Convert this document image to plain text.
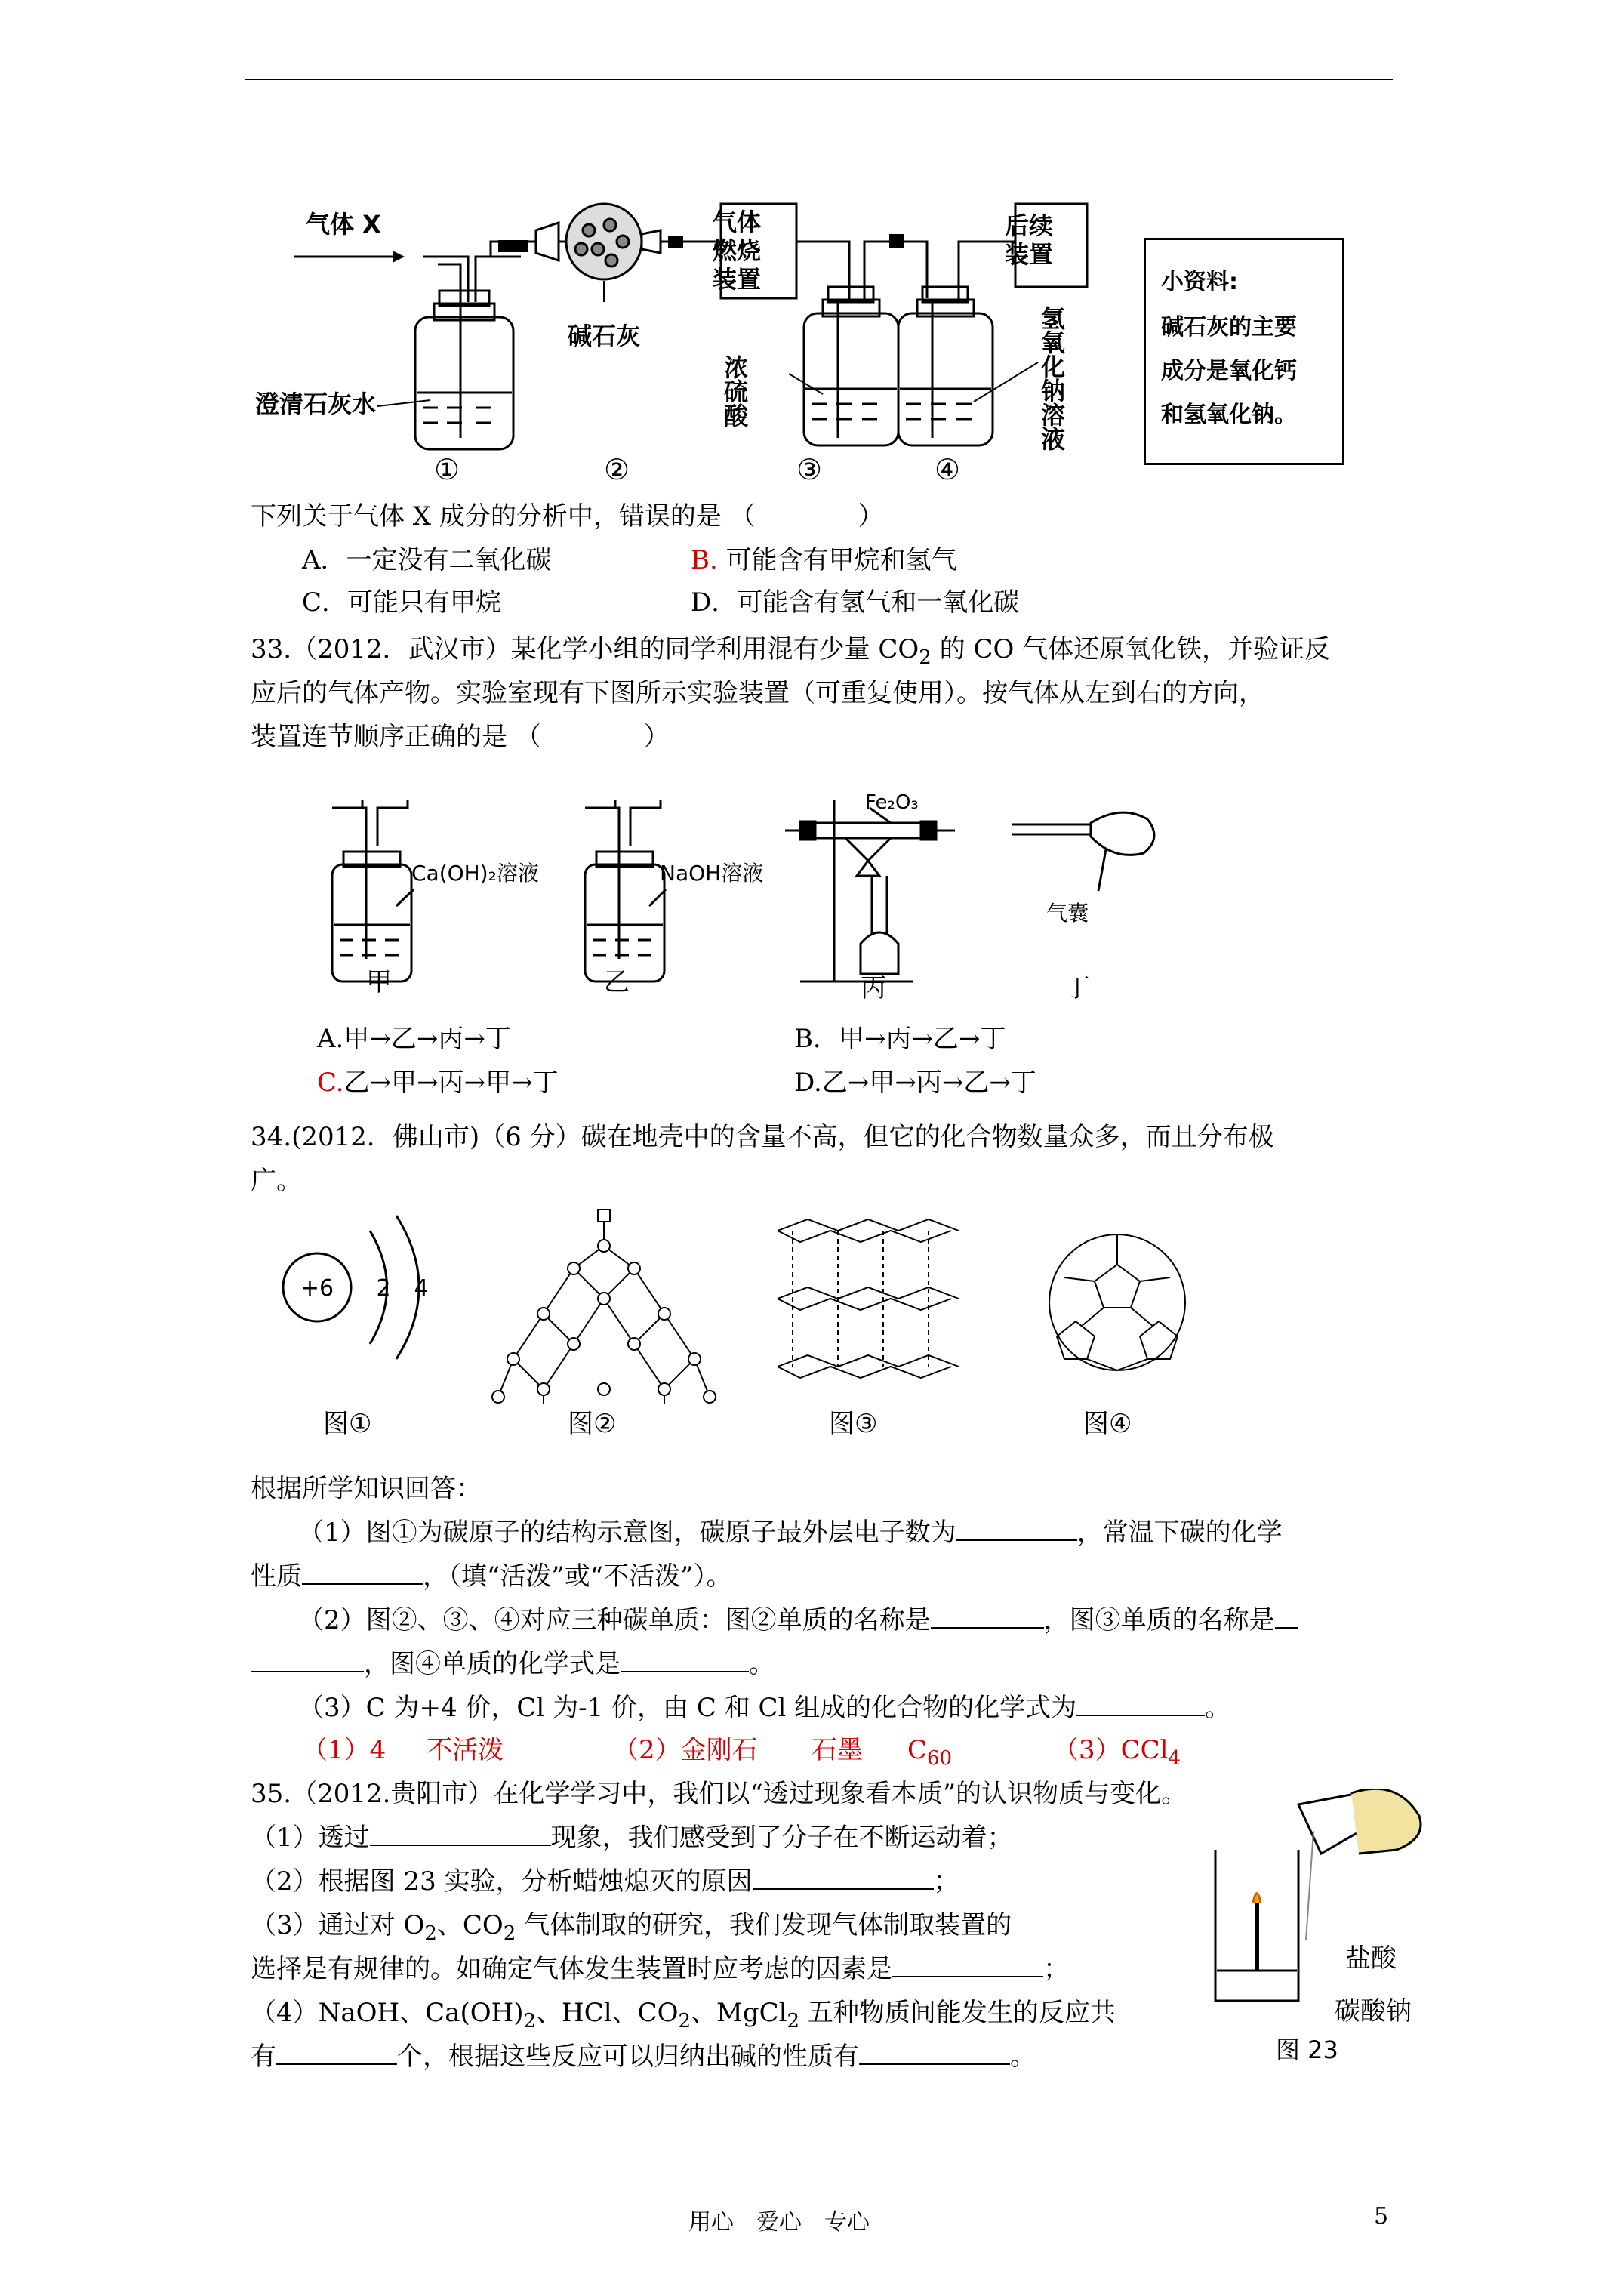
气体 X
碱石灰
澄清石灰水
气体燃烧装置
后续装置
浓硫酸	氢氧化钠溶液
①	②	③	④
小资料:
碱石灰的主要
成分是氧化钙
和氢氧化钠。
下列关于气体 X 成分的分析中，错误的是 （　　　　）
A．一定没有二氧化碳	B. 可能含有甲烷和氢气
C．可能只有甲烷	D．可能含有氢气和一氧化碳
33.（2012．武汉市）某化学小组的同学利用混有少量 $CO_2$ 的 CO 气体还原氧化铁，并验证反
应后的气体产物。实验室现有下图所示实验装置（可重复使用）。按气体从左到右的方向，
装置连节顺序正确的是 （　　　　）
Ca(OH)₂溶液	NaOH溶液
Fe₂O₃
气囊
甲	乙	丙	丁
A.甲→乙→丙→丁	B．甲→丙→乙→丁
C.乙→甲→丙→甲→丁	D.乙→甲→丙→乙→丁
34.(2012．佛山市)（6 分）碳在地壳中的含量不高，但它的化合物数量众多，而且分布极
广。
+6 2 4
图①	图②	图③	图④
根据所学知识回答：
（1）图①为碳原子的结构示意图，碳原子最外层电子数为	，常温下碳的化学
性质	，（填“活泼”或“不活泼”）。
（2）图②、③、④对应三种碳单质：图②单质的名称是	，图③单质的名称是
，图④单质的化学式是	。
（3）C 为+4 价，Cl 为-1 价，由 C 和 Cl 组成的化合物的化学式为	。
（1）4 不活泼	（2）金刚石 石墨 $C_{60}$	（3）CCl$_4$
35.（2012.贵阳市）在化学学习中，我们以“透过现象看本质”的认识物质与变化。
（1）透过	现象，我们感受到了分子在不断运动着；
（2）根据图 23 实验，分析蜡烛熄灭的原因	；
（3）通过对 $O_2$、$CO_2$ 气体制取的研究，我们发现气体制取装置的
选择是有规律的。如确定气体发生装置时应考虑的因素是	；
（4）NaOH、$Ca(OH)_2$、HCl、$CO_2$、MgCl$_2$ 五种物质间能发生的反应共
有	个，根据这些反应可以归纳出碱的性质有	。
盐酸
碳酸钠
图 23
用心　爱心　专心	5
